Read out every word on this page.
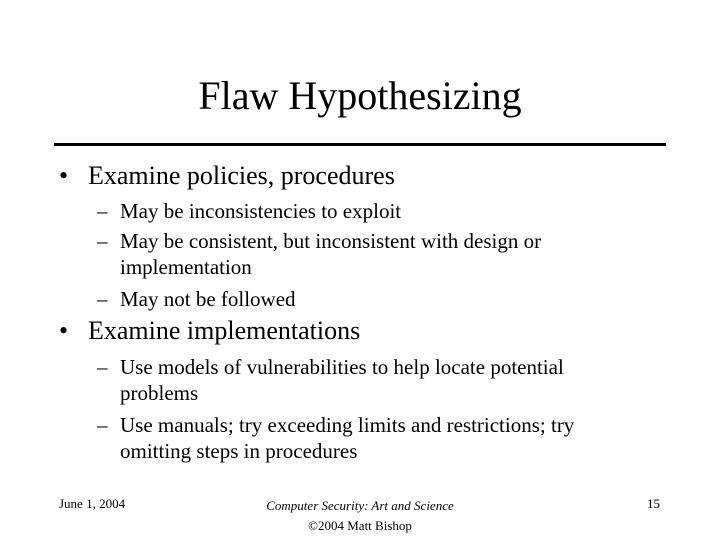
Flaw Hypothesizing
• Examine policies, procedures
– May be inconsistencies to exploit
– May be consistent, but inconsistent with design or
implementation
– May not be followed
• Examine implementations
– Use models of vulnerabilities to help locate potential
problems
– Use manuals; try exceeding limits and restrictions; try
omitting steps in procedures
June 1, 2004	Computer Security: Art and Science
©2004 Matt Bishop
15
